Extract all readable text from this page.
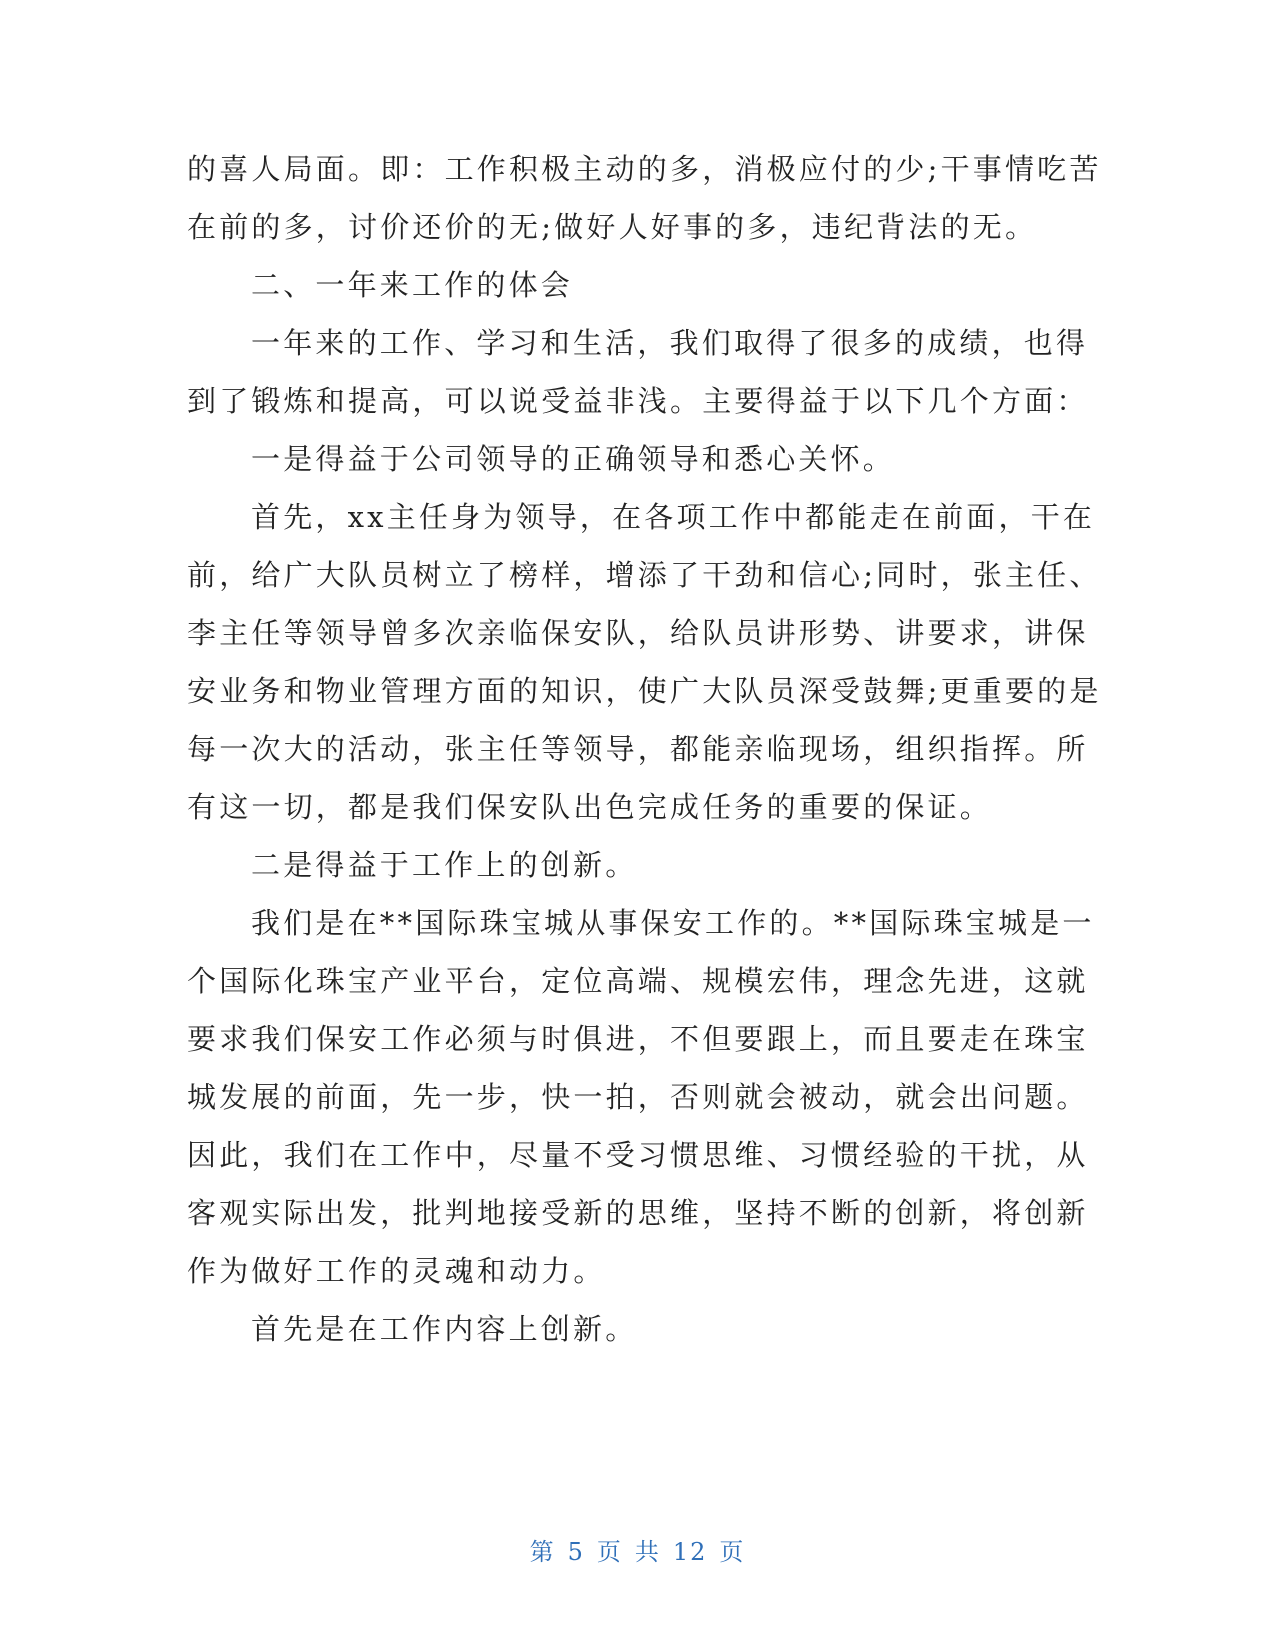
的喜人局面。即：工作积极主动的多，消极应付的少;干事情吃苦
在前的多，讨价还价的无;做好人好事的多，违纪背法的无。
二、一年来工作的体会
一年来的工作、学习和生活，我们取得了很多的成绩，也得
到了锻炼和提高，可以说受益非浅。主要得益于以下几个方面：
一是得益于公司领导的正确领导和悉心关怀。
首先，xx主任身为领导，在各项工作中都能走在前面，干在
前，给广大队员树立了榜样，增添了干劲和信心;同时，张主任、
李主任等领导曾多次亲临保安队，给队员讲形势、讲要求，讲保
安业务和物业管理方面的知识，使广大队员深受鼓舞;更重要的是
每一次大的活动，张主任等领导，都能亲临现场，组织指挥。所
有这一切，都是我们保安队出色完成任务的重要的保证。
二是得益于工作上的创新。
我们是在**国际珠宝城从事保安工作的。**国际珠宝城是一
个国际化珠宝产业平台，定位高端、规模宏伟，理念先进，这就
要求我们保安工作必须与时俱进，不但要跟上，而且要走在珠宝
城发展的前面，先一步，快一拍，否则就会被动，就会出问题。
因此，我们在工作中，尽量不受习惯思维、习惯经验的干扰，从
客观实际出发，批判地接受新的思维，坚持不断的创新，将创新
作为做好工作的灵魂和动力。
首先是在工作内容上创新。
第 5 页 共 12 页
